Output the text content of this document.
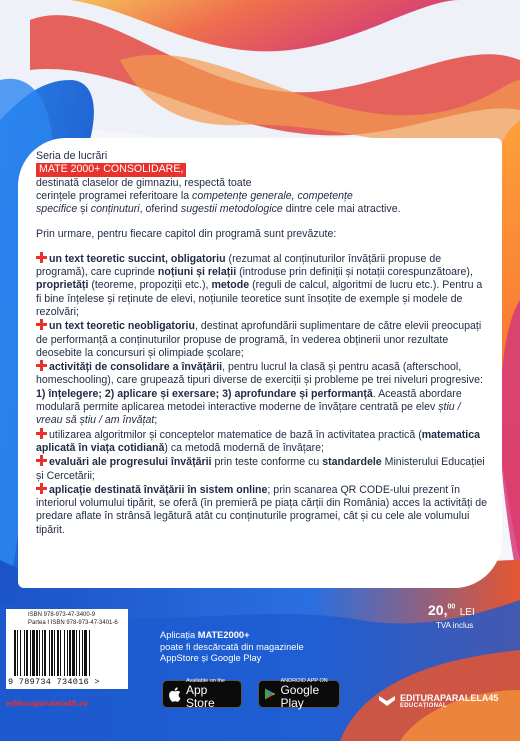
Seria de lucrări
MATE 2000+ CONSOLIDARE,
destinată claselor de gimnaziu, respectă toate
cerințele programei referitoare la competențe generale, competențe
specifice și conținuturi, oferind sugestii metodologice dintre cele mai atractive.

Prin urmare, pentru fiecare capitol din programă sunt prevăzute:

un text teoretic succint, obligatoriu (rezumat al conținuturilor învățării propuse de programă), care cuprinde noțiuni și relații (introduse prin definiții și notații corespunzătoare), proprietăți (teoreme, propoziții etc.), metode (reguli de calcul, algoritmi de lucru etc.). Pentru a fi bine înțelese și reținute de elevi, noțiunile teoretice sunt însoțite de exemple și modele de rezolvări;

un text teoretic neobligatoriu, destinat aprofundării suplimentare de către elevii preocupați de performanță a conținuturilor propuse de programă, în vederea obținerii unor rezultate deosebite la concursuri și olimpiade școlare;

activități de consolidare a învățării, pentru lucrul la clasă și pentru acasă (afterschool, homeschooling), care grupează tipuri diverse de exerciții și probleme pe trei niveluri progresive: 1) înțelegere; 2) aplicare și exersare; 3) aprofundare și performanță. Această abordare modulară permite aplicarea metodei interactive moderne de învățare centrată pe elev știu / vreau să știu / am învățat;

utilizarea algoritmilor și conceptelor matematice de bază în activitatea practică (matematica aplicată în viața cotidiană) ca metodă modernă de învățare;

evaluări ale progresului învățării prin teste conforme cu standardele Ministerului Educației și Cercetării;

aplicație destinată învățării în sistem online; prin scanarea QR CODE-ului prezent în interiorul volumului tipărit, se oferă (în premieră pe piața cărții din România) acces la activități de predare aflate în strânsă legătură atât cu conținuturile programei, cât și cu cele ale volumului tipărit.

ISBN 978-973-47-3400-9
Partea I ISBN 978-973-47-3401-6
9 789734 734016 >
edituraparalela45.ro
20,00 LEI
TVA inclus
Aplicația MATE2000+
poate fi descărcată din magazinele
AppStore și Google Play
Available on the
App Store
ANDROID APP ON
Google Play	EDITURAPARALELA45
EDUCAȚIONAL
